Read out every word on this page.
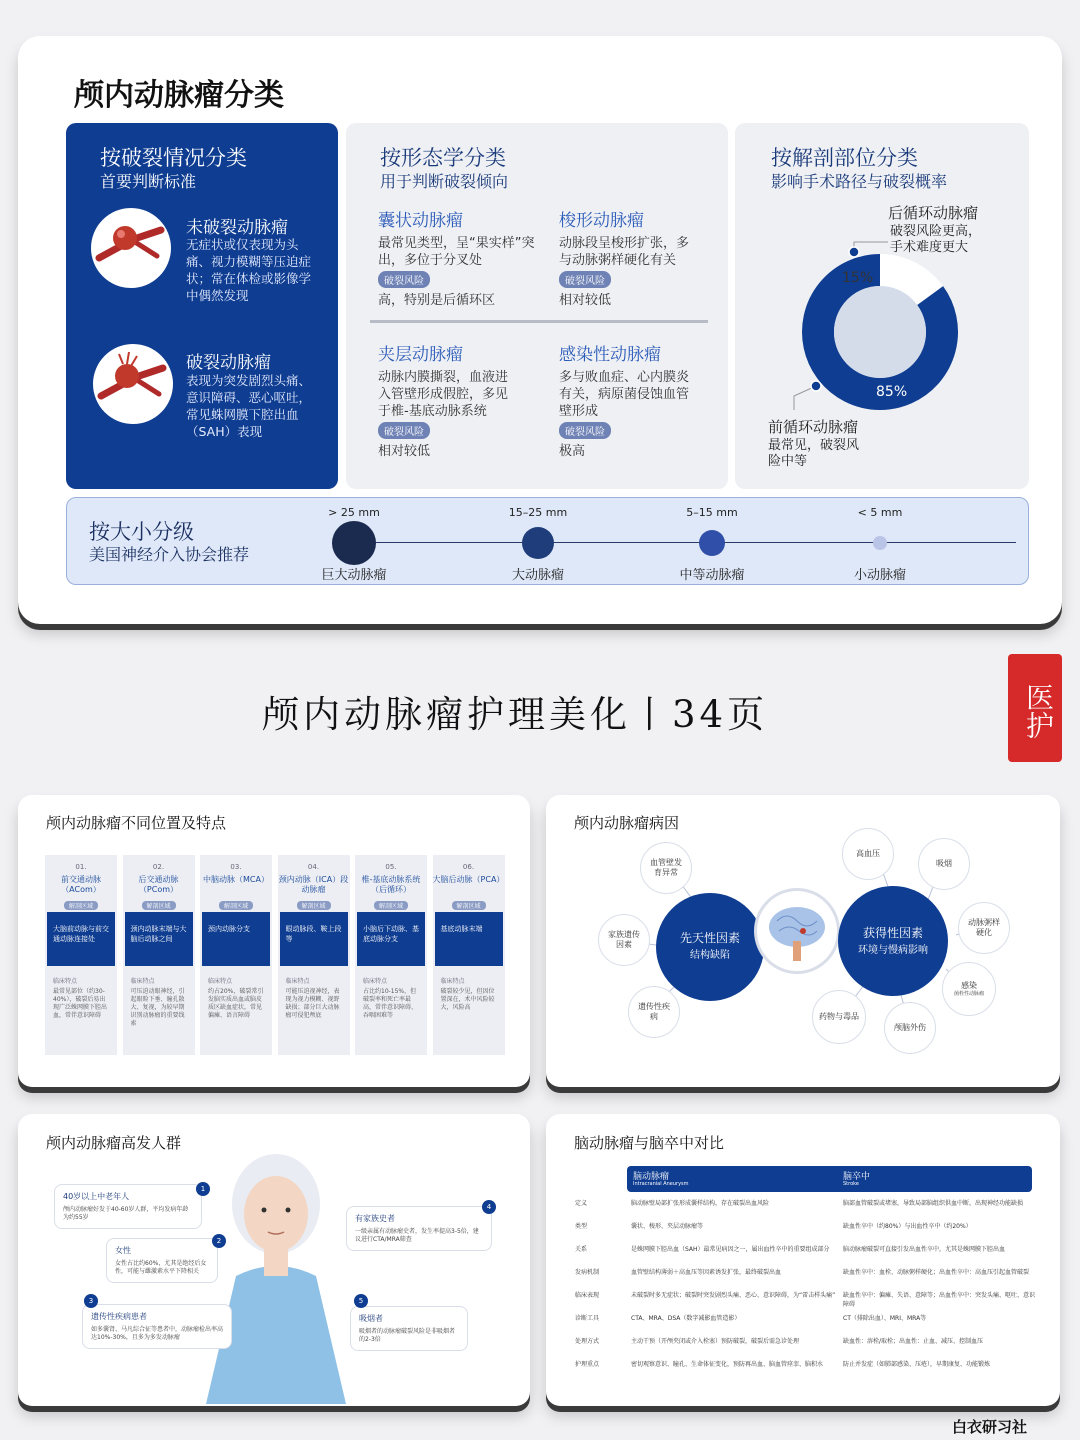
颅内动脉瘤分类
按破裂情况分类
首要判断标准
未破裂动脉瘤
无症状或仅表现为头痛、视力模糊等压迫症状；常在体检或影像学中偶然发现
破裂动脉瘤
表现为突发剧烈头痛、意识障碍、恶心呕吐，常见蛛网膜下腔出血（SAH）表现
按形态学分类
用于判断破裂倾向
囊状动脉瘤
最常见类型，呈“果实样”突出，多位于分叉处
破裂风险
高，特别是后循环区
梭形动脉瘤
动脉段呈梭形扩张，多与动脉粥样硬化有关
破裂风险
相对较低
夹层动脉瘤
动脉内膜撕裂，血液进入管壁形成假腔，多见于椎-基底动脉系统
破裂风险
相对较低
感染性动脉瘤
多与败血症、心内膜炎有关，病原菌侵蚀血管壁形成
破裂风险
极高
按解剖部位分类
影响手术路径与破裂概率
后循环动脉瘤
破裂风险更高，手术难度更大
15%
85%
前循环动脉瘤
最常见，破裂风险中等
按大小分级
美国神经介入协会推荐
> 25 mm
巨大动脉瘤
15–25 mm
大动脉瘤
5–15 mm
中等动脉瘤
< 5 mm
小动脉瘤
颅内动脉瘤护理美化丨34页	医护
颅内动脉瘤不同位置及特点
01.
前交通动脉（ACom）
解剖区域
大脑前动脉与前交通动脉连接处
临床特点
最常见部位（约30-40%），破裂后易出现广泛蛛网膜下腔出血，常伴意识障碍
02.
后交通动脉（PCom）
解剖区域
颈内动脉末端与大脑后动脉之间
临床特点
可压迫动眼神经，引起眼睑下垂、瞳孔散大、复视，为较早期识别动脉瘤的重要线索
03.
中脑动脉（MCA）
解剖区域
颈内动脉分支
临床特点
约占20%，破裂常引发脑实质出血或脑皮质区缺血症状，常见偏瘫、语言障碍
04.
颈内动脉（ICA）段动脉瘤
解剖区域
眼动脉段、鞍上段等
临床特点
可能压迫视神经，表现为视力模糊、视野缺损；部分巨大动脉瘤可侵犯颅底
05.
椎-基底动脉系统（后循环）
解剖区域
小脑后下动脉、基底动脉分支
临床特点
占比约10-15%，但破裂率和死亡率最高，常伴意识障碍、吞咽困难等
06.
大脑后动脉（PCA）
解剖区域
基底动脉末端
临床特点
破裂较少见，但因位置深在，术中风险较大，风险高
颅内动脉瘤病因
先天性因素
结构缺陷
获得性因素
环境与慢病影响
血管壁发育异常
家族遗传因素
遗传性疾病
高血压
吸烟
动脉粥样硬化
感染
菌栓性动脉瘤
药物与毒品
颅脑外伤
颅内动脉瘤高发人群
40岁以上中老年人

颅内动脉瘤好发于40-60岁人群，平均发病年龄为约55岁

1
女性

女性占比约60%，尤其是绝经后女性，可能与雌激素水平下降相关

2
遗传性疾病患者

如多囊肾、马凡综合征等患者中，动脉瘤检出率高达10%-30%，且多为多发动脉瘤

3
有家族史者

一级亲属有动脉瘤史者，发生率提高3-5倍，建议进行CTA/MRA筛查

4
吸烟者

吸烟者的动脉瘤破裂风险是非吸烟者的2-3倍

5
脑动脉瘤与脑卒中对比
脑动脉瘤
Intracranial Aneurysm
脑卒中
Stroke
定义	脑动脉壁局部扩张形成囊样结构，存在破裂出血风险	脑部血管破裂或堵塞，导致局部脑组织供血中断，出现神经功能缺损
类型	囊状、梭形、夹层动脉瘤等	缺血性卒中（约80%）与出血性卒中（约20%）
关系	是蛛网膜下腔出血（SAH）最常见病因之一，属出血性卒中的重要组成部分	脑动脉瘤破裂可直接引发出血性卒中，尤其是蛛网膜下腔出血
发病机制	血管壁结构薄弱＋高血压等因素诱发扩张，最终破裂出血	缺血性卒中：血栓、动脉粥样硬化；出血性卒中：高血压引起血管破裂
临床表现	未破裂时多无症状；破裂时突发剧烈头痛、恶心、意识障碍，为“雷击样头痛”	缺血性卒中：偏瘫、失语、意障等；出血性卒中：突发头痛、呕吐、意识障碍
诊断工具	CTA、MRA、DSA（数字减影血管造影）	CT（排除出血）、MRI、MRA等
处理方式	主动干预（开颅夹闭或介入栓塞）预防破裂，破裂后需急诊处理	缺血性：溶栓/取栓；出血性：止血、减压、控制血压
护理重点	密切观察意识、瞳孔、生命体征变化，预防再出血、脑血管痉挛、脑积水	防止并发症（如肺部感染、压疮），早期康复、功能锻炼
白衣研习社
